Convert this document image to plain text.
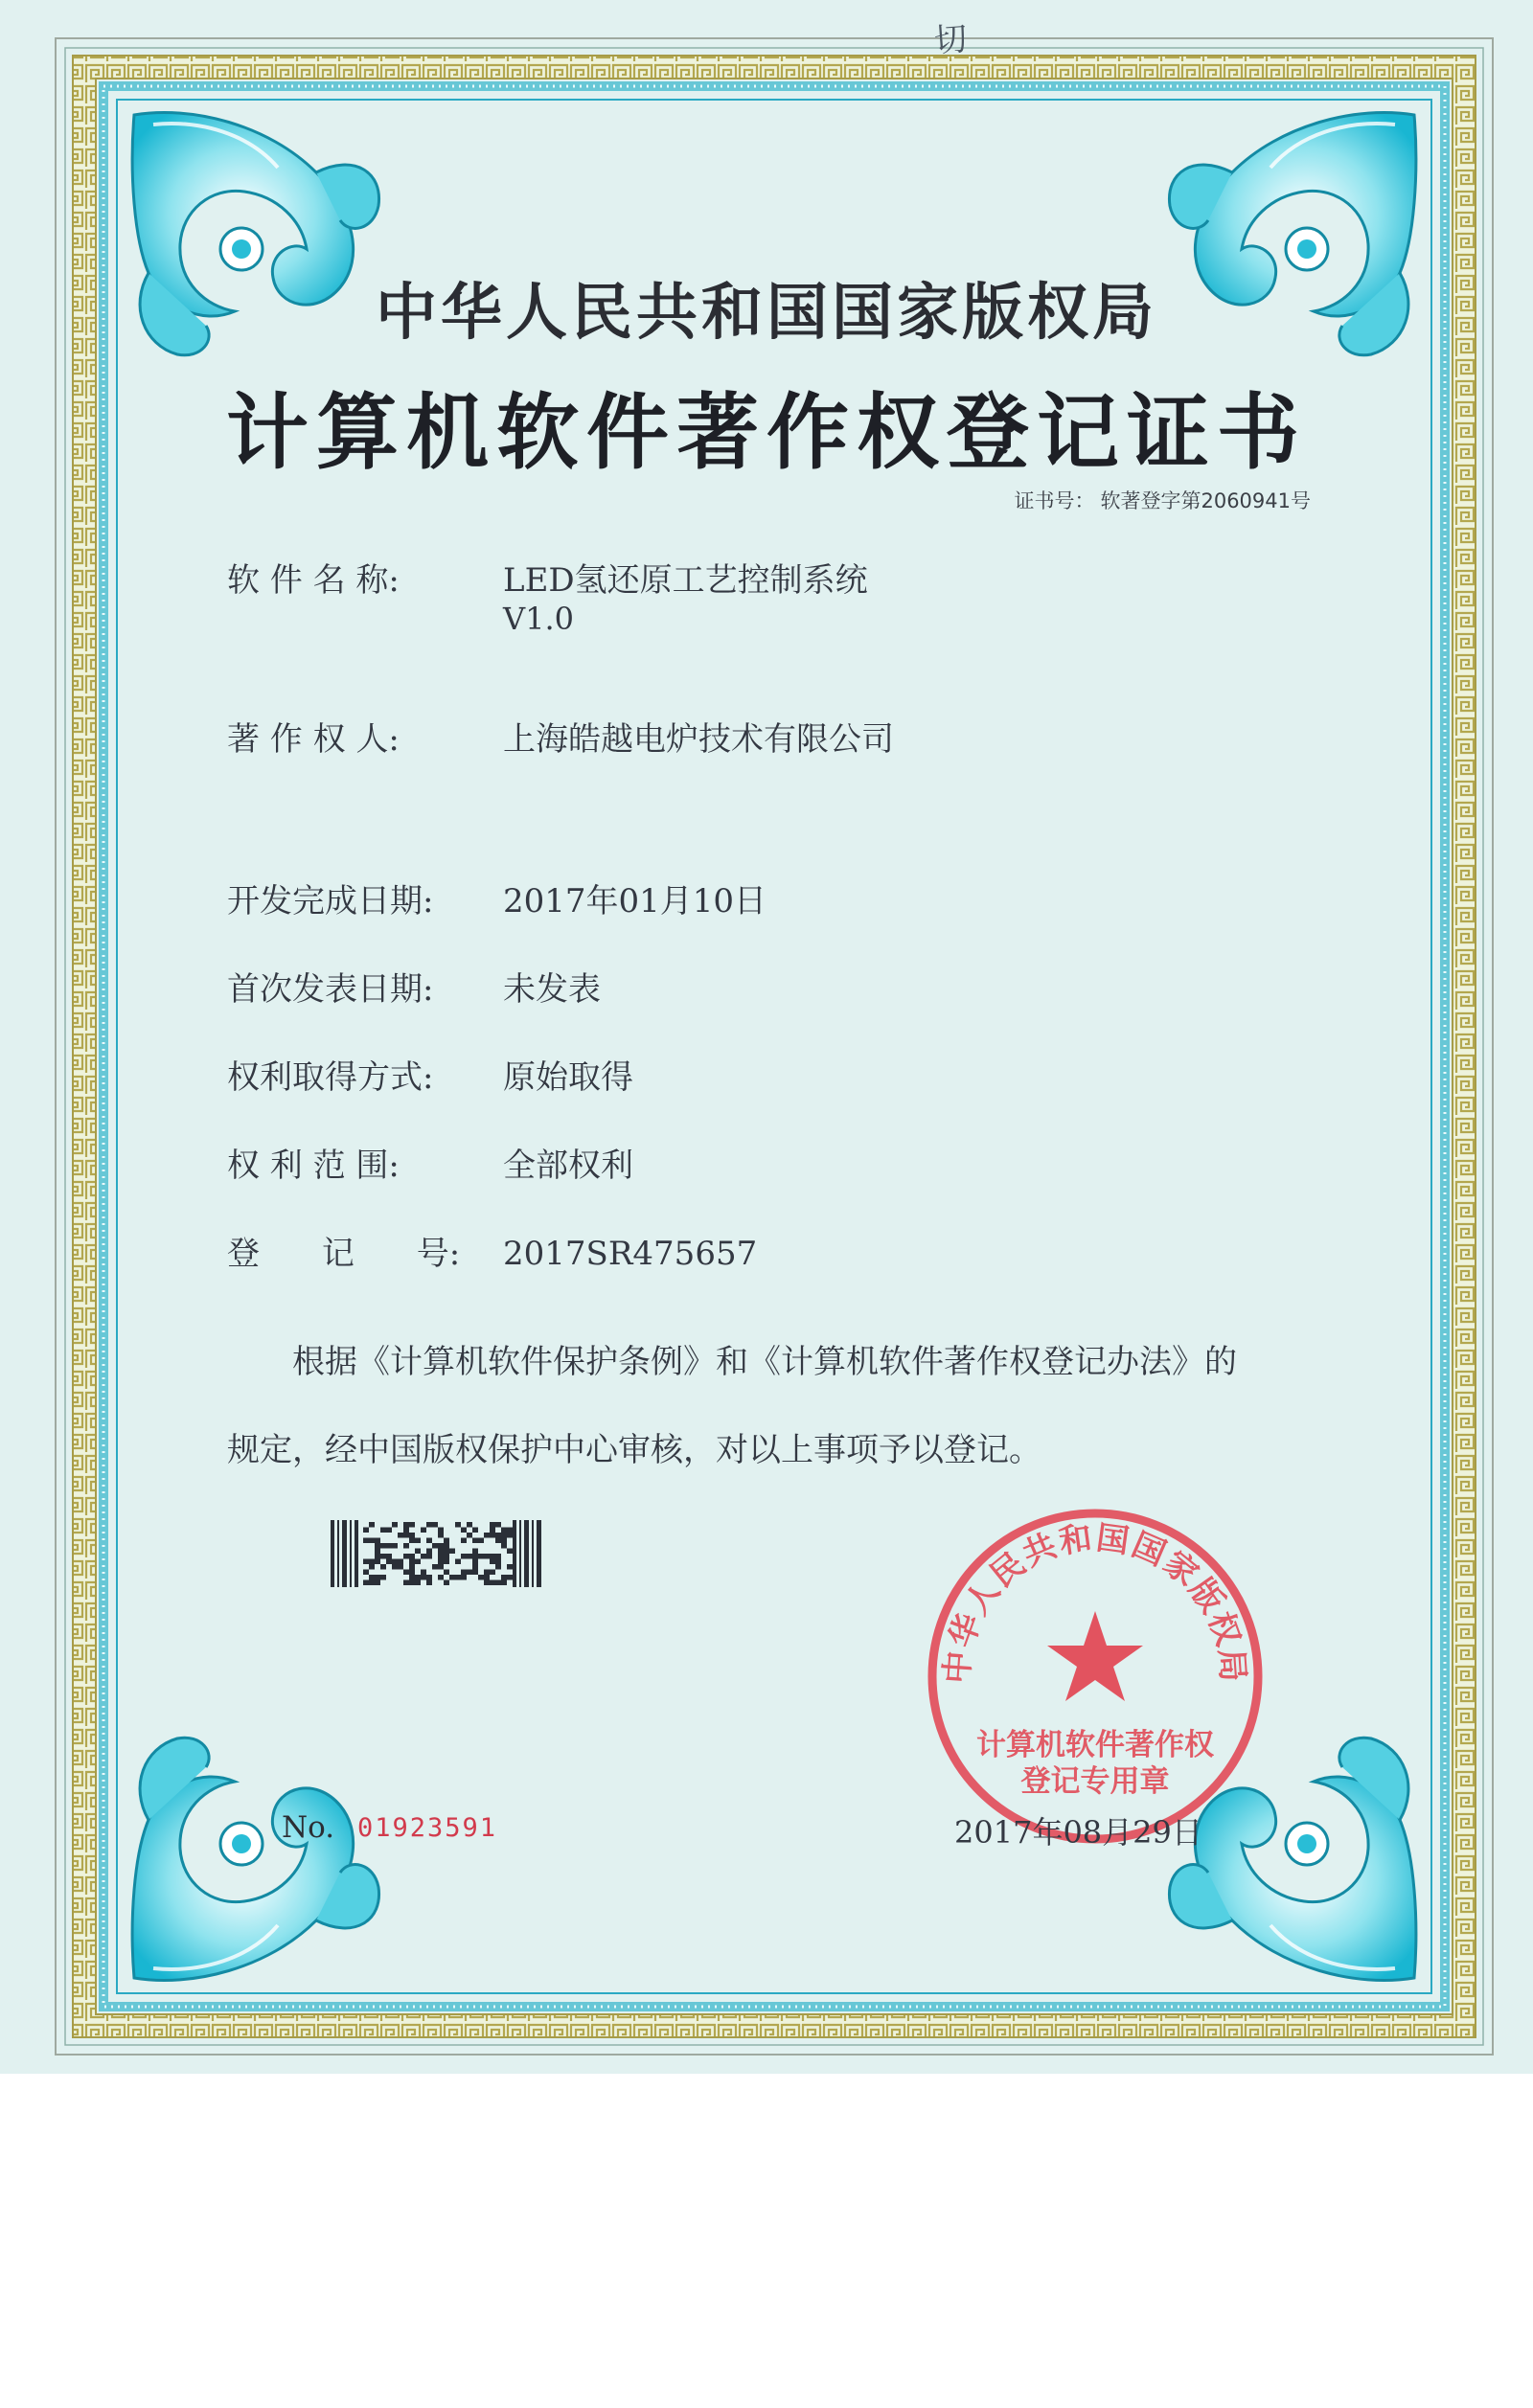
切
中华人民共和国国家版权局
计算机软件著作权登记证书
证书号： 软著登字第2060941号
软 件 名 称:	LED氢还原工艺控制系统
V1.0
著 作 权 人:	上海皓越电炉技术有限公司
开发完成日期: 2017年01月10日
首次发表日期: 未发表
权利取得方式: 原始取得
权 利 范 围:	全部权利
登      记      号: 2017SR475657
根据《计算机软件保护条例》和《计算机软件著作权登记办法》的
规定，经中国版权保护中心审核，对以上事项予以登记。
中华人民共和国国家版权局
计算机软件著作权
登记专用章
No. 01923591	2017年08月29日
